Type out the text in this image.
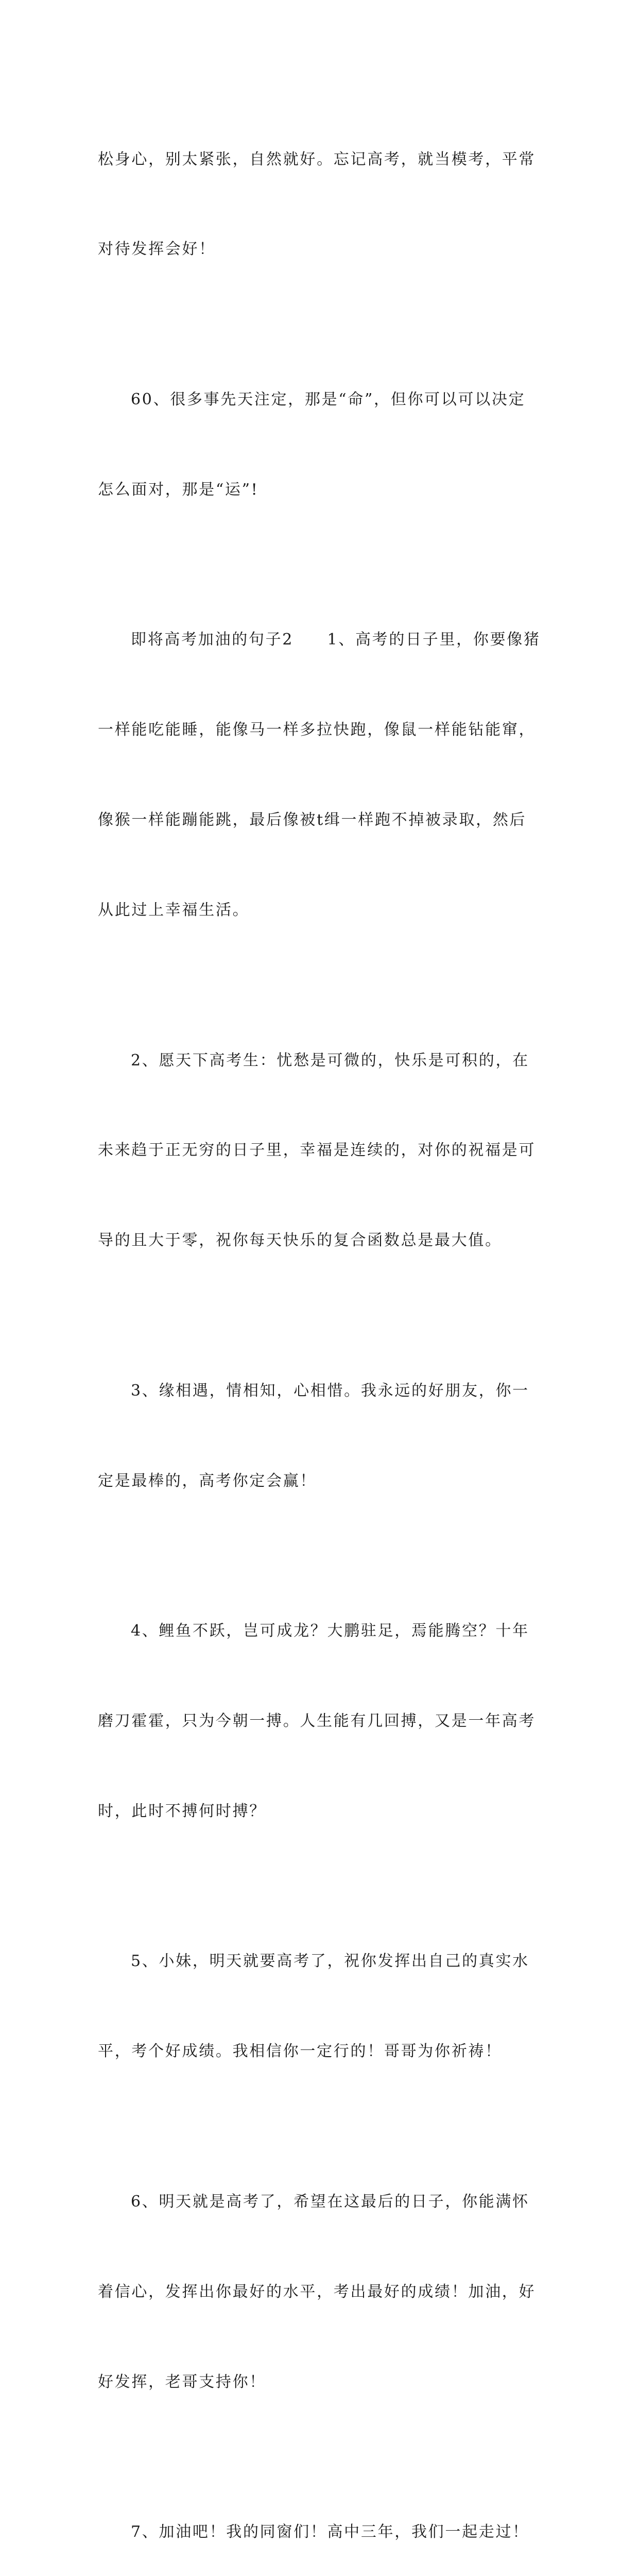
松身心，别太紧张，自然就好。忘记高考，就当模考，平常

对待发挥会好！

60、很多事先天注定，那是“命”，但你可以可以决定

怎么面对，那是“运”!

即将高考加油的句子2　　1、高考的日子里，你要像猪

一样能吃能睡，能像马一样多拉快跑，像鼠一样能钻能窜，

像猴一样能蹦能跳，最后像被t缉一样跑不掉被录取，然后

从此过上幸福生活。

2、愿天下高考生：忧愁是可微的，快乐是可积的，在

未来趋于正无穷的日子里，幸福是连续的，对你的祝福是可

导的且大于零，祝你每天快乐的复合函数总是最大值。

3、缘相遇，情相知，心相惜。我永远的好朋友，你一

定是最棒的，高考你定会赢！

4、鲤鱼不跃，岂可成龙？大鹏驻足，焉能腾空？十年

磨刀霍霍，只为今朝一搏。人生能有几回搏，又是一年高考

时，此时不搏何时搏？

5、小妹，明天就要高考了，祝你发挥出自己的真实水

平，考个好成绩。我相信你一定行的！哥哥为你祈祷！

6、明天就是高考了，希望在这最后的日子，你能满怀

着信心，发挥出你最好的水平，考出最好的成绩！加油，好

好发挥，老哥支持你！

7、加油吧！我的同窗们！高中三年，我们一起走过！
